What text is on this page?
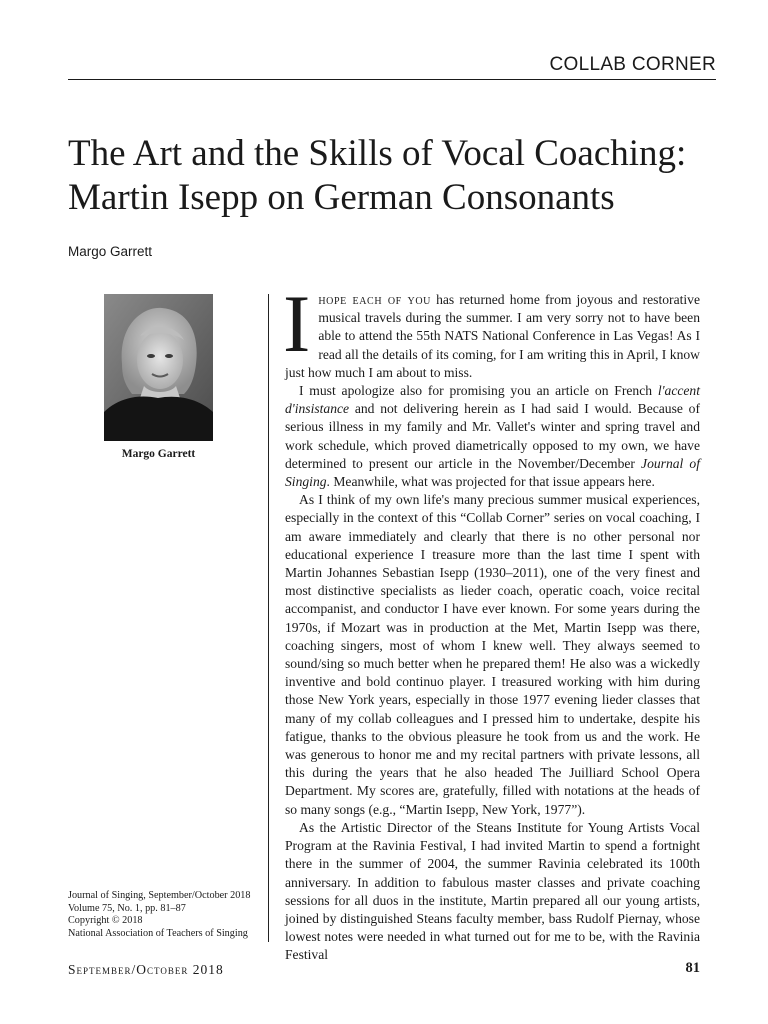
COLLAB CORNER
The Art and the Skills of Vocal Coaching:
Martin Isepp on German Consonants
Margo Garrett
Margo Garrett

Ihope each of you has returned home from joyous and restorative musical travels during the summer. I am very sorry not to have been able to attend the 55th NATS National Conference in Las Vegas! As I read all the details of its coming, for I am writing this in April, I know just how much I am about to miss.

I must apologize also for promising you an article on French l'accent d'insistance and not delivering herein as I had said I would. Because of serious illness in my family and Mr. Vallet's winter and spring travel and work schedule, which proved diametrically opposed to my own, we have determined to present our article in the November/December Journal of Singing. Meanwhile, what was projected for that issue appears here.

As I think of my own life's many precious summer musical experiences, especially in the context of this “Collab Corner” series on vocal coaching, I am aware immediately and clearly that there is no other personal nor educational experience I treasure more than the last time I spent with Martin Johannes Sebastian Isepp (1930–2011), one of the very finest and most distinctive specialists as lieder coach, operatic coach, voice recital accompanist, and conductor I have ever known. For some years during the 1970s, if Mozart was in production at the Met, Martin Isepp was there, coaching singers, most of whom I knew well. They always seemed to sound/sing so much better when he prepared them! He also was a wickedly inventive and bold continuo player. I treasured working with him during those New York years, especially in those 1977 evening lieder classes that many of my collab colleagues and I pressed him to undertake, despite his fatigue, thanks to the obvious pleasure he took from us and the work. He was generous to honor me and my recital partners with private lessons, all this during the years that he also headed The Juilliard School Opera Department. My scores are, gratefully, filled with notations at the heads of so many songs (e.g., “Martin Isepp, New York, 1977”).

As the Artistic Director of the Steans Institute for Young Artists Vocal Program at the Ravinia Festival, I had invited Martin to spend a fortnight there in the summer of 2004, the summer Ravinia celebrated its 100th anniversary. In addition to fabulous master classes and private coaching sessions for all duos in the institute, Martin prepared all our young artists, joined by distinguished Steans faculty member, bass Rudolf Piernay, whose lowest notes were needed in what turned out for me to be, with the Ravinia Festival

Journal of Singing, September/October 2018
Volume 75, No. 1, pp. 81–87
Copyright © 2018
National Association of Teachers of Singing
September/October 2018	81
